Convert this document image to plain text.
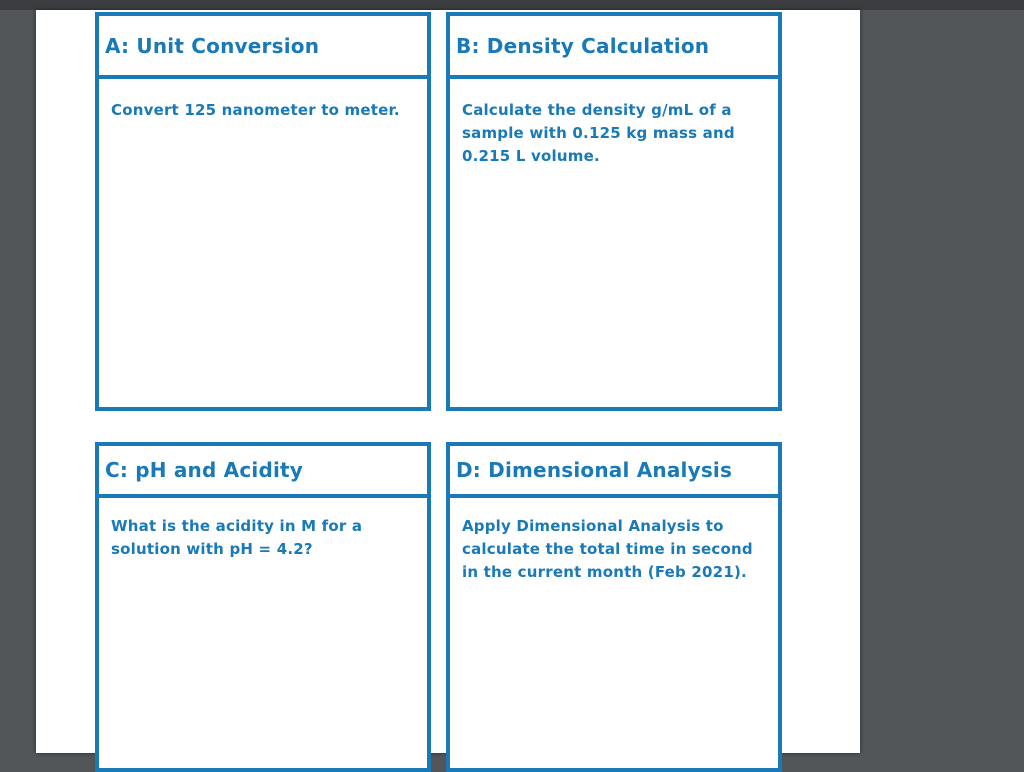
A: Unit Conversion
Convert 125 nanometer to meter.
B: Density Calculation
Calculate the density g/mL of a sample with 0.125 kg mass and 0.215 L volume.
C: pH and Acidity
What is the acidity in M for a solution with pH = 4.2?
D: Dimensional Analysis
Apply Dimensional Analysis to calculate the total time in second in the current month (Feb 2021).
